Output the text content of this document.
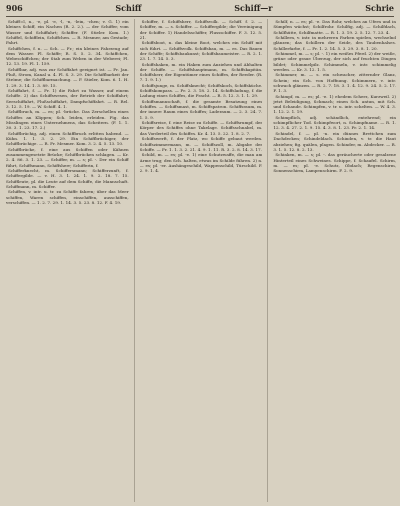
906	Schiff	Schiff—r	Schrie

Schiff=l, n., -e, pl. -e, -l, -n, -lein, -chen; v. G. 1) ein kleines Schiff, ein Nachen (R. 2. 2.). — der Schiffer, vom Wasser und Schiffahrt; Schiffer. (F. Stieler. Kom. 1.) Schiffel, Schifflein, Schiffchen. — R. Mesmer, am Gestade; Fahrt.

Schiffchen, f. n. — Sch. — Fr.; ein kleines Fahrzeug auf dem Wasser. Pl. Schiffe; R. S. 5. 2. 34. Schiffchen, Webeschiffchen; der Stab zum Weben in der Weberei; Pl. 12. 13. 19. Pl. 1. 159.

Schiffbar, adj. was zur Schiffahrt geeignet ist. — Fr. Jan. Fluß, Strom, Kanal u. 4. Pl. S. 3. 29. Die Schiffbarkeit der Ströme; die Schiffbarmachung. — F. Stieler, Kom. 6. 1. H. 1. 29. 3. 14. 1. 3. 89. 15.

Schiffahrt, f. — Fr. 1) die Fahrt zu Wasser, auf einem Schiffe. 2) das Schiffswesen, der Betrieb der Schiffahrt; Seeschiffahrt, Flußschiffahrt, Dampfschiffahrt. — R. Rel. 3. 12. 5. 19. — W. Schiff. 4. 1.

Schiffbruch, m. — es; pl. -brüche. Das Zerschellen eines Schiffes an Klippen; Sch. leiden, erleiden. Fig. das Misslingen eines Unternehmens, das Scheitern. (F. 1. 1. 30. 3. 1. 23. 17. 2.)

Schiffbrüchig, adj. einen Schiffbruch erlitten habend. — Kühn. 1. 1. 3. 2. 29. Ein Schiffbrüchiger, der Schiffbrüchige. — R. Fr. Mesmer. Kom. 3. 2. 4. 5. 13. 10.

Schiffbrücke, f. eine aus Schiffen oder Kähnen zusammengesetzte Brücke; Schiffbrücken schlagen. — Kr. 2. 4. 86. 3. 1. 23. — Schiffer, m. — s; pl. -. Der ein Schiff führt, Schiffsmann, Schiffsherr; Schifferin, f.

Schifferknecht, m. Schiffersmann; Schifferzunft, f. Schiffergilde. — v. H. 3. 1. 24. 1. 9. 2. 18. 7. 15. Schiffleute, pl. die Leute auf dem Schiffe, die Mannschaft. Schiffmann, m. Schiffer.

Schiffen, v. intr. u. tr. zu Schiffe fahren; über das Meer schiffen, Waren schiffen, einschiffen, ausschiffen, verschiffen. — 1. 2. 7. 29. 1. 14. 3. 5. 23. 8. 12. F. 4. 19.

Schiffer, f. Schiffsherr, Schiffsvolk. — Schiff. f. 2. — Schiffer, m. — s. Schiffer. — Schiffergilde; die Vereinigung der Schiffer. 1) Handelsschiffer, Flussschiffer. F. 3. 12. 5. 21.

Schiffsboot, n. das kleine Boot, welches ein Schiff mit sich führt. — Schiffsvolk. Schiffsbau, m. — es. Das Bauen der Schiffe; Schiffsbaukunst; Schiffsbaumeister. — R. 2. 1. 23. 1. 7. 14. 5. 3.

Schiffshaken, m. ein Haken zum Anziehen und Abhalten der Schiffe. — Schiffshauptmann, m. Schiffskapitän. Schiffsherr, der Eigentümer eines Schiffes, der Reeder. (R. 7. 1. 9. 1.)

Schiffsjunge, m. Schiffsknecht; Schiffskoch, Schiffsküche. Schiffskompass. — Fr. 2. 3. 18. 2. 14. Schiffsladung, f. die Ladung eines Schiffes, die Fracht. — R. 5. 12. 3. 1. 1. 29.

Schiffsmannschaft, f. die gesamte Besatzung eines Schiffes. — Schiffsmast, m. Schiffspatron. Schiffsraum, m. der innere Raum eines Schiffes; Laderaum. — 2. 3. 24. 7. 1. 5. 9.

Schiffsreise, f. eine Reise zu Schiffe. — Schiffsrumpf, der Körper des Schiffes ohne Takelage. Schiffsschnabel, m. das Vorderteil des Schiffes. Kr. 4. 13. 5. 22. 1. 8. 2. 7.

Schiffswerft, f. der Platz, wo Schiffe gebaut werden. Schiffszimmermann, m. — Schiffszoll, m. Abgabe der Schiffe. — Fr. 1. 1. 3. 2. 21. 4. 9. 1. 11. R. 3. 2. 8. 14. 3. 17.

Schild, m. — es; pl. -e. 1) eine Schutzwaffe, die man am Arme trug; den Sch. halten, etwas im Schilde führen. 2) n. — es; pl. -er. Aushängeschild, Wappenschild, Türschild. F. 2. 9. 1. 4.

Schilf, n. — es; pl. -e. Das Rohr, welches an Ufern und in Sümpfen wächst; Schilfrohr. Schilfig, adj. — Schilfdach, Schilfhütte, Schilfmatte. — R. 1. 3. 19. 2. 5. 12. 7. 23. 4.

Schillern, v. intr. in mehreren Farben spielen, wechselnd glänzen; das Schillern der Seide, des Taubenhalses. Schillerfarbe, f. — Fr. 1. 2. 14. 5. 3. 29. 3. 8. 1. 20.

Schimmel, m. — s; pl. -. 1) ein weißes Pferd. 2) der weiße, grüne oder graue Überzug, der sich auf feuchten Dingen bildet; Schimmelpilz. Schimmeln, v. intr. schimmelig werden. — Kr. 3. 12. 1. 5.

Schimmer, m. — s. ein schwacher, zitternder Glanz, Schein; ein Sch. von Hoffnung. Schimmern, v. intr. schwach glänzen. — R. 2. 7. 18. 3. 1. 4. 12. 9. 24. 5. 2. 17. F. 1. 3.

Schimpf, m. — es; pl. -e. 1) ehedem Scherz, Kurzweil. 2) jetzt Beleidigung, Schmach; einen Sch. antun, mit Sch. und Schande. Schimpfen, v. tr. u. intr. schelten. — W. 4. 3. 1. 12. 2. 1. 19.

Schimpflich, adj. schändlich, entehrend; ein schimpflicher Tod. Schimpfwort, n. Schimpfname. — R. 1. 12. 3. 4. 27. 2. 1. 9. 15. 4. 3. 8. 1. 23. Fr. 2. 1. 14.

Schindel, f. — pl. -n. ein dünnes Brettchen zum Dachdecken; Schindeldach. Schinden, v. tr. die Haut abziehen; fig. quälen, plagen. Schinder, m. Abdecker. — R. 3. 1. 5. 12. 8. 2. 13.

Schinken, m. — s; pl. -. das geräucherte oder gesalzene Hinterteil eines Schweines. Schippe, f. Schaufel. Schirm, m. — es; pl. -e. Schutz, Obdach; Regenschirm, Sonnenschirm, Lampenschirm. F. 2. 9.
